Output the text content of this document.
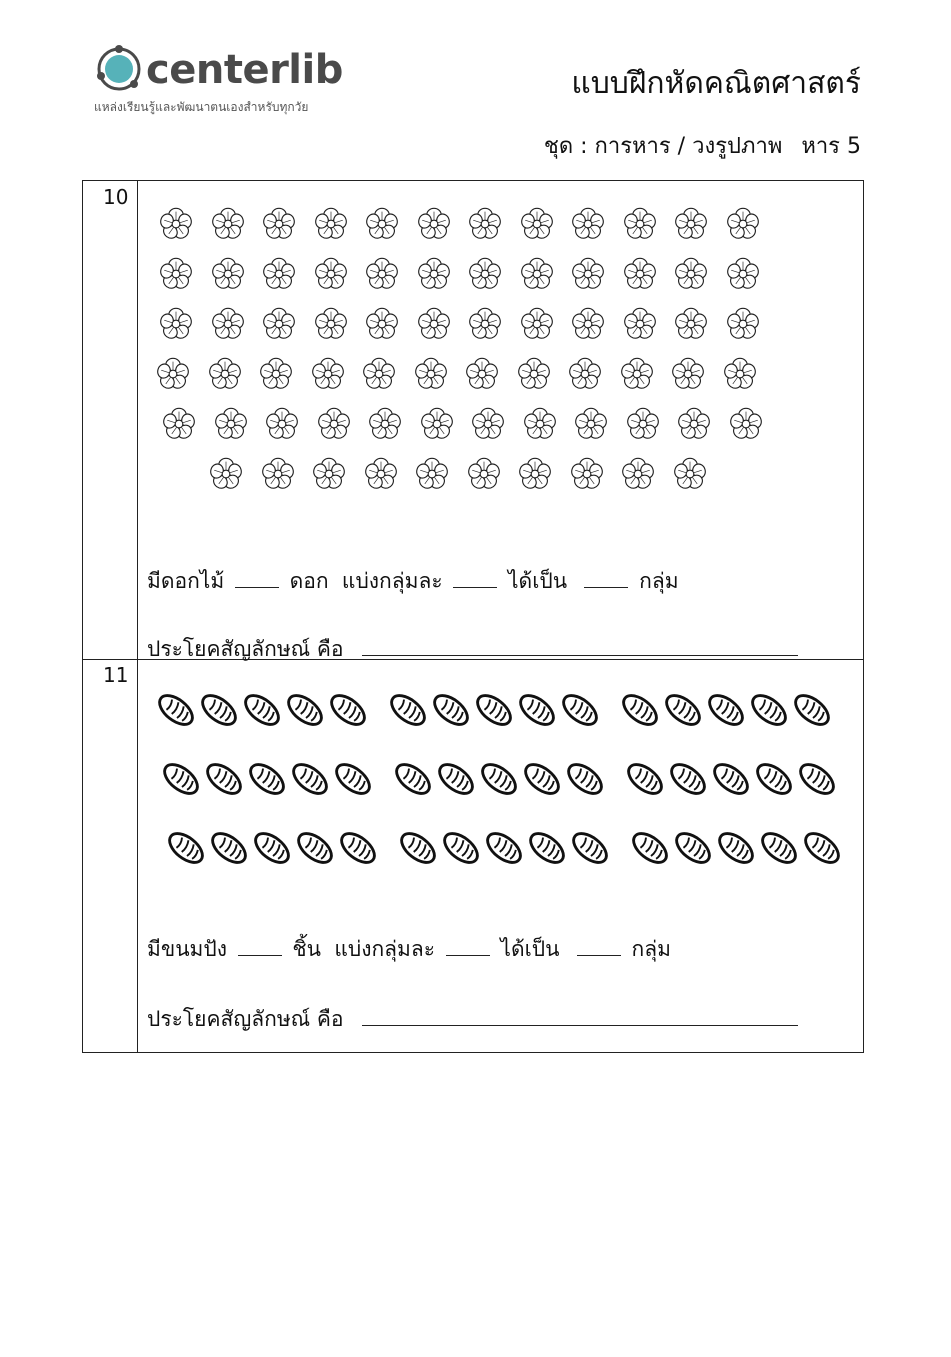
centerlib
แหล่งเรียนรู้และพัฒนาตนเองสำหรับทุกวัย
แบบฝึกหัดคณิตศาสตร์
ชุด : การหาร / วงรูปภาพ หาร 5
10
11
มีดอกไม้	ดอก แบ่งกลุ่มละ	ได้เป็น	กลุ่ม
ประโยคสัญลักษณ์ คือ
มีขนมปัง	ชิ้น แบ่งกลุ่มละ	ได้เป็น	กลุ่ม
ประโยคสัญลักษณ์ คือ
